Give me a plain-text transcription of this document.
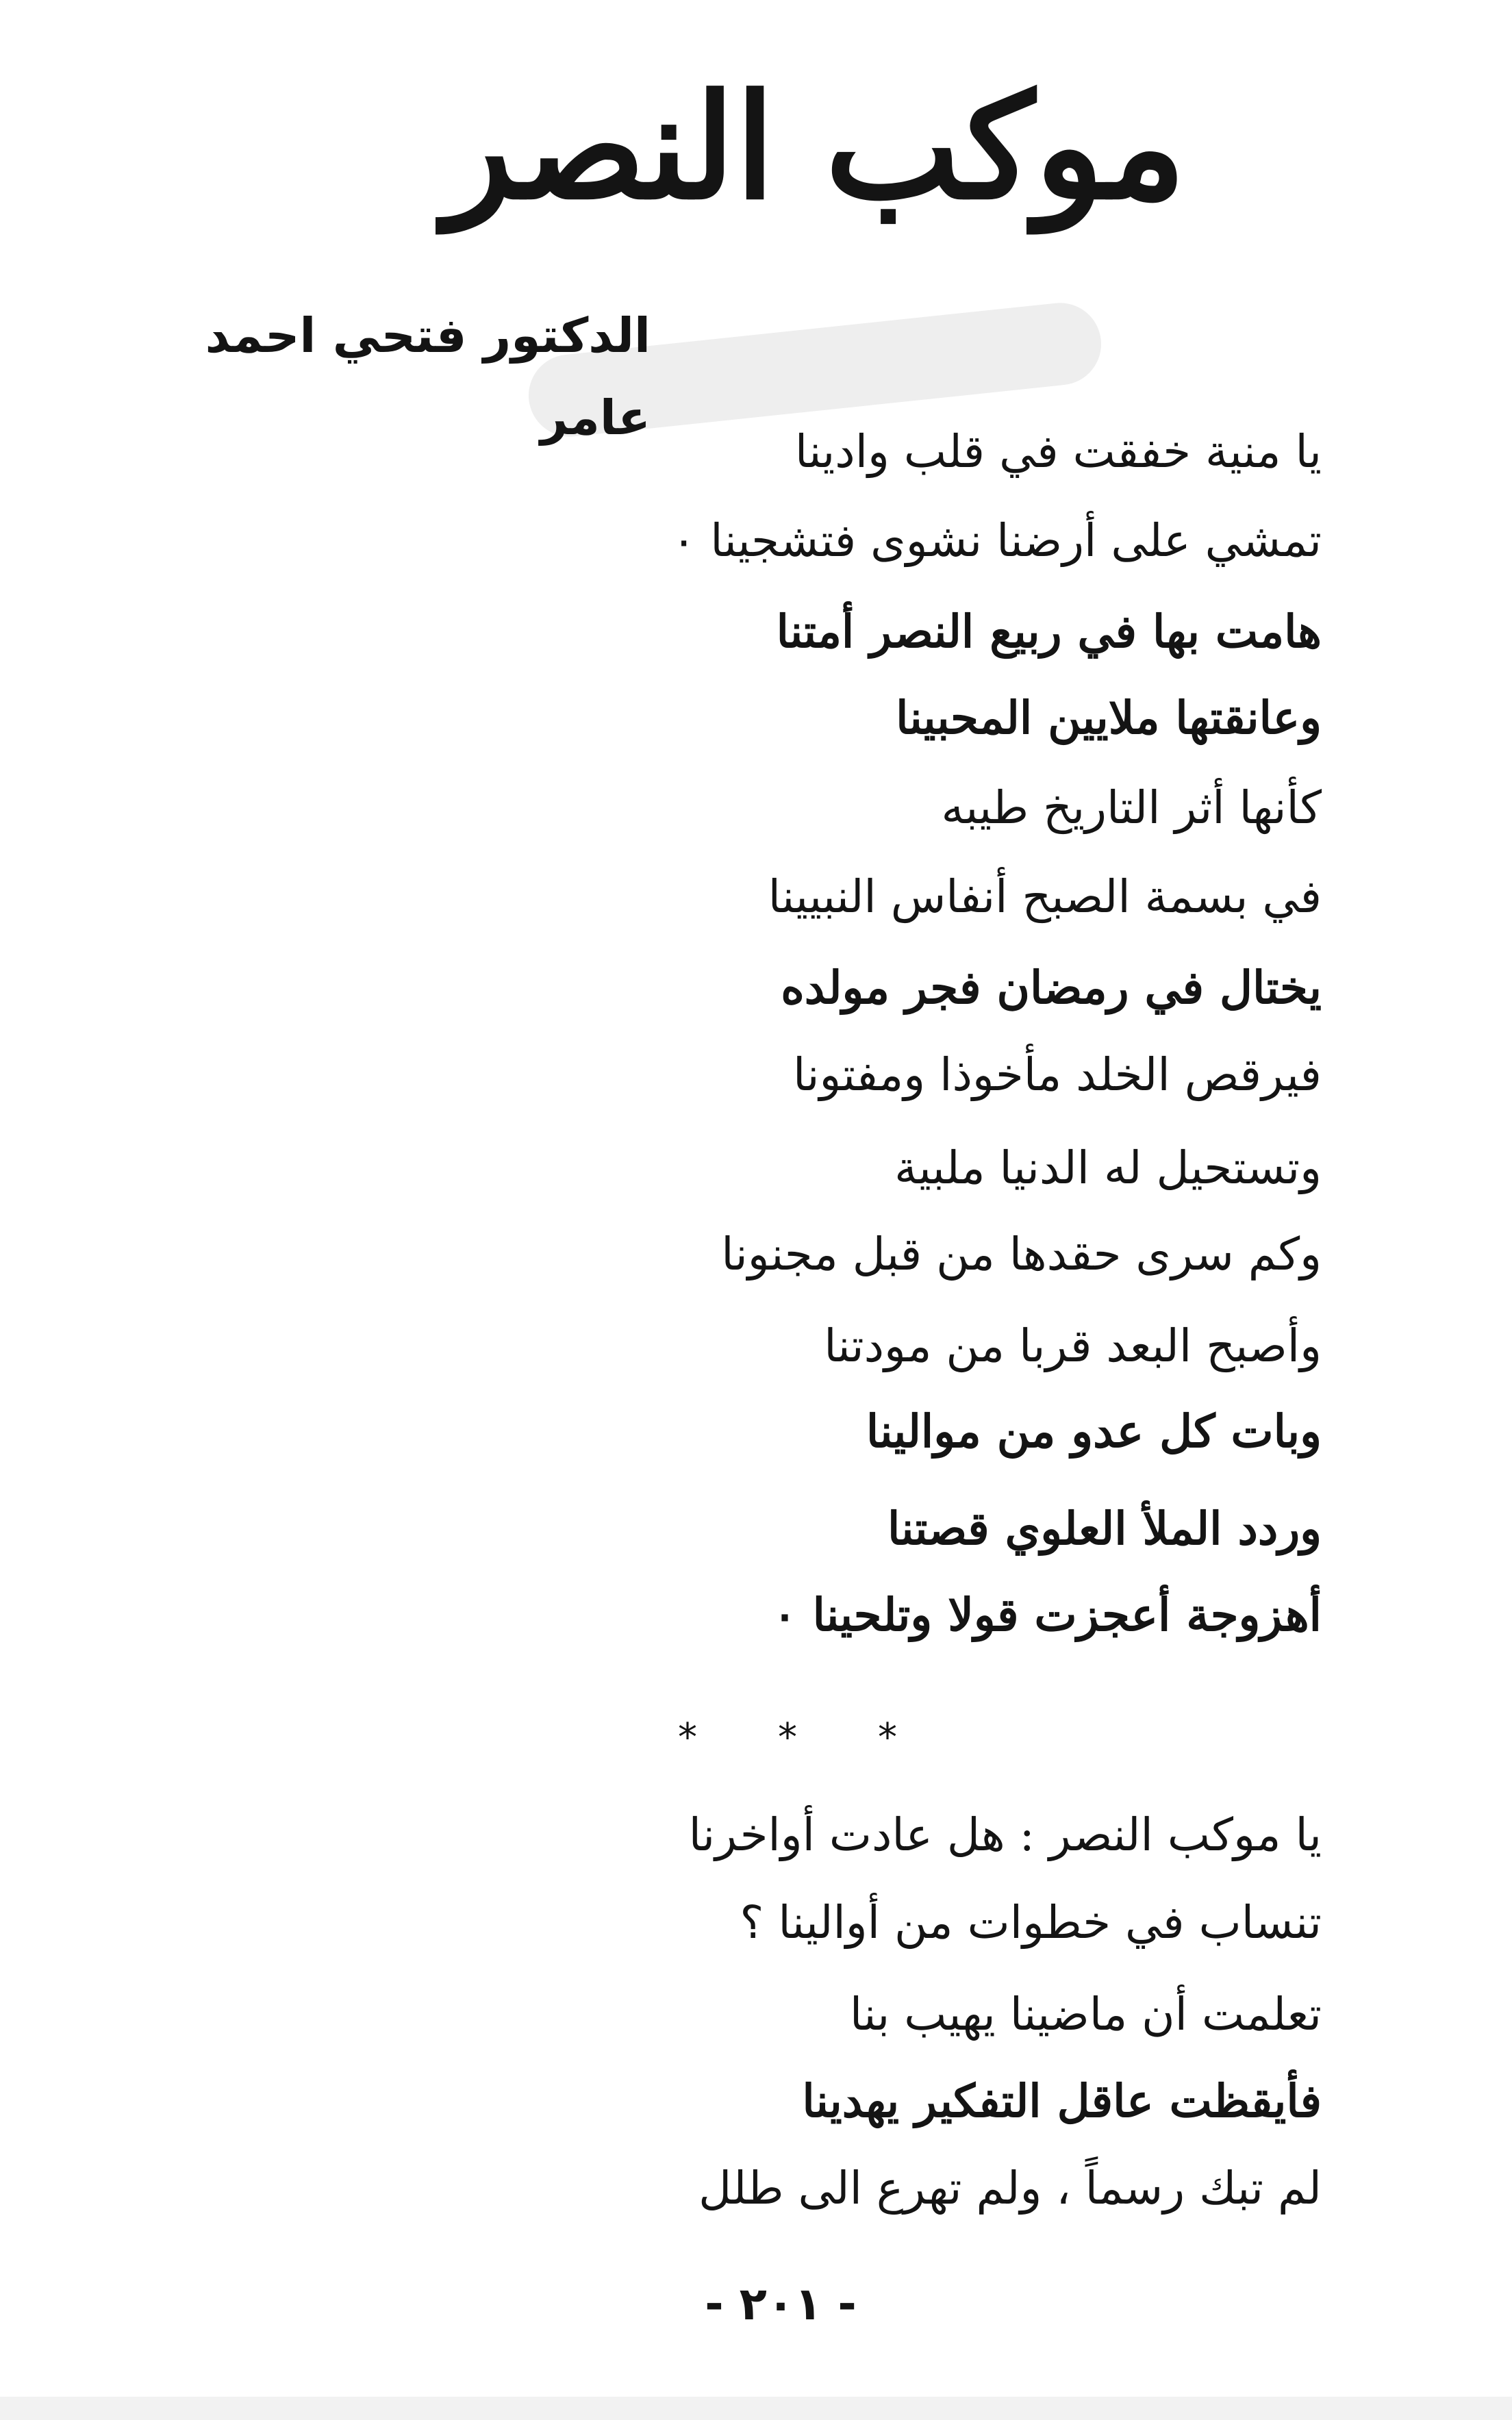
موكب النصر
الدكتور فتحي احمد عامر
يا منية خفقت في قلب وادينا
تمشي على أرضنا نشوى فتشجينا ٠
هامت بها في ربيع النصر أمتنا
وعانقتها ملايين المحبينا
كأنها أثر التاريخ طيبه
في بسمة الصبح أنفاس النبيينا
يختال في رمضان فجر مولده
فيرقص الخلد مأخوذا ومفتونا
وتستحيل له الدنيا ملبية
وكم سرى حقدها من قبل مجنونا
وأصبح البعد قربا من مودتنا
وبات كل عدو من موالينا
وردد الملأ العلوي قصتنا
أهزوجة أعجزت قولا وتلحينا ٠
* * *
يا موكب النصر : هل عادت أواخرنا
تنساب في خطوات من أوالينا ؟
تعلمت أن ماضينا يهيب بنا
فأيقظت عاقل التفكير يهدينا
لم تبك رسماً ، ولم تهرع الى طلل
- ٢٠١ -
